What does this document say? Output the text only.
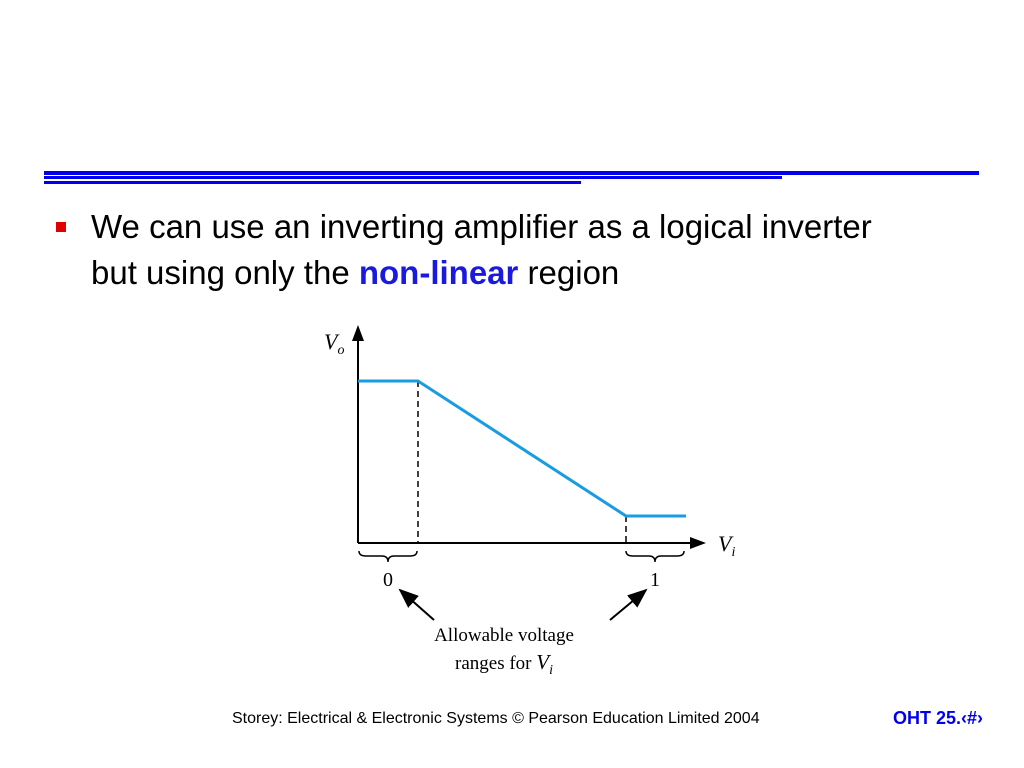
We can use an inverting amplifier as a logical inverter
but using only the non-linear region
$V_o$
$V_i$
0	1
Allowable voltage
ranges for $V_i$
Storey: Electrical & Electronic Systems © Pearson Education Limited 2004	OHT 25.‹#›
